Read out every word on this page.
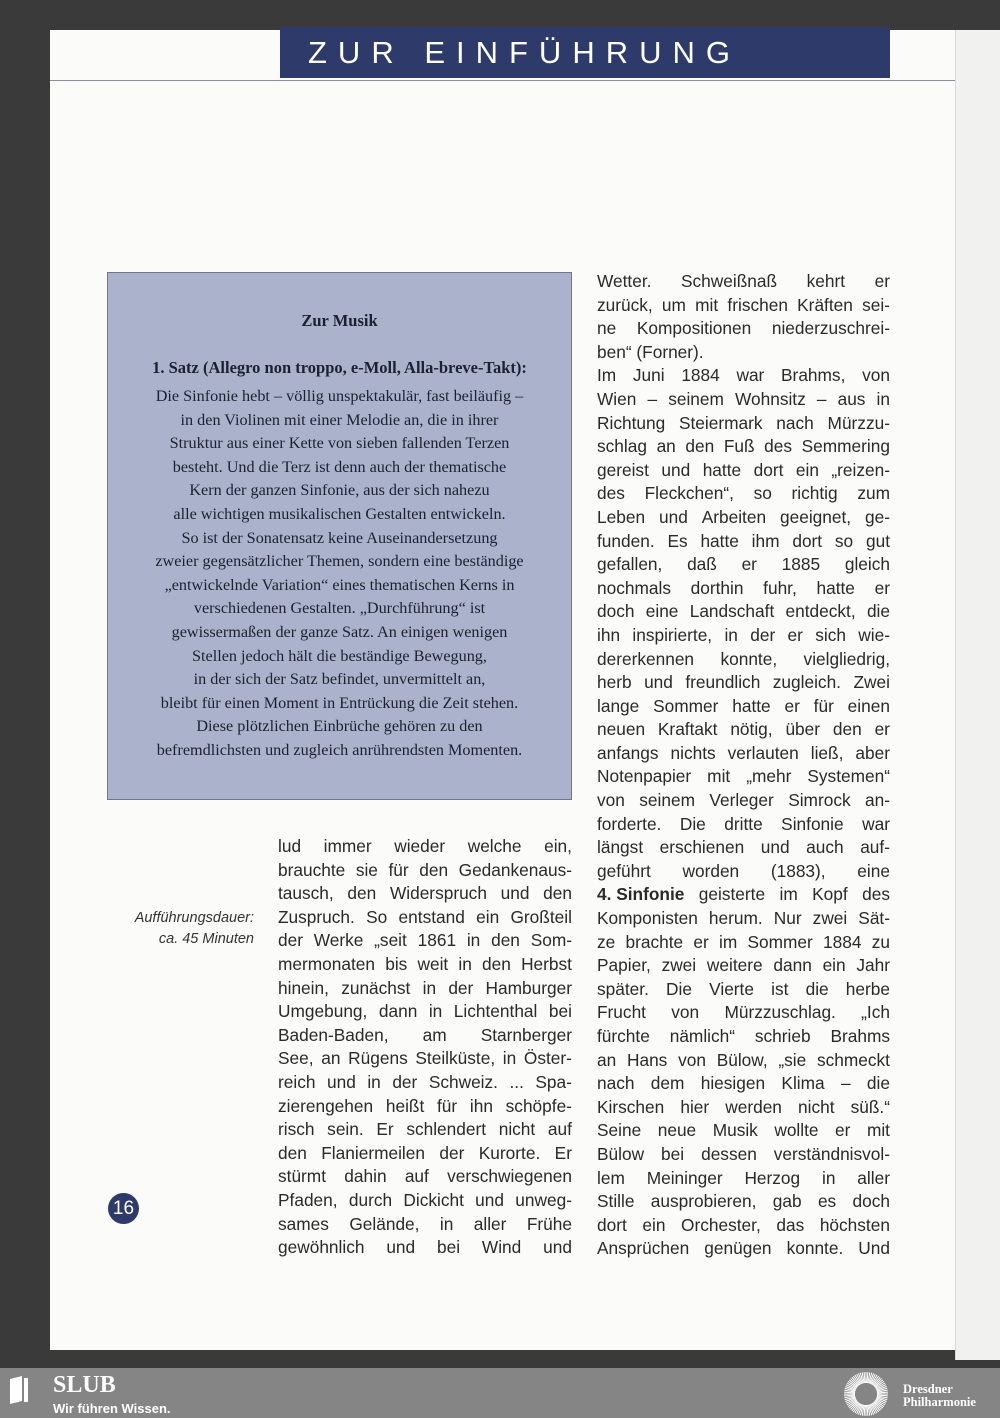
ZUR EINFÜHRUNG
Zur Musik
1. Satz (Allegro non troppo, e-Moll, Alla-breve-Takt):
Die Sinfonie hebt – völlig unspektakulär, fast beiläufig –
in den Violinen mit einer Melodie an, die in ihrer
Struktur aus einer Kette von sieben fallenden Terzen
besteht. Und die Terz ist denn auch der thematische
Kern der ganzen Sinfonie, aus der sich nahezu
alle wichtigen musikalischen Gestalten entwickeln.
So ist der Sonatensatz keine Auseinandersetzung
zweier gegensätzlicher Themen, sondern eine beständige
„entwickelnde Variation“ eines thematischen Kerns in
verschiedenen Gestalten. „Durchführung“ ist
gewissermaßen der ganze Satz. An einigen wenigen
Stellen jedoch hält die beständige Bewegung,
in der sich der Satz befindet, unvermittelt an,
bleibt für einen Moment in Entrückung die Zeit stehen.
Diese plötzlichen Einbrüche gehören zu den
befremdlichsten und zugleich anrührendsten Momenten.
Aufführungsdauer:
ca. 45 Minuten
16
lud immer wieder welche ein,
brauchte sie für den Gedankenaus-
tausch, den Widerspruch und den
Zuspruch. So entstand ein Großteil
der Werke „seit 1861 in den Som-
mermonaten bis weit in den Herbst
hinein, zunächst in der Hamburger
Umgebung, dann in Lichtenthal bei
Baden-Baden, am Starnberger
See, an Rügens Steilküste, in Öster-
reich und in der Schweiz. ... Spa-
zierengehen heißt für ihn schöpfe-
risch sein. Er schlendert nicht auf
den Flaniermeilen der Kurorte. Er
stürmt dahin auf verschwiegenen
Pfaden, durch Dickicht und unweg-
sames Gelände, in aller Frühe
gewöhnlich und bei Wind und
Wetter. Schweißnaß kehrt er
zurück, um mit frischen Kräften sei-
ne Kompositionen niederzuschrei-
ben“ (Forner).
Im Juni 1884 war Brahms, von
Wien – seinem Wohnsitz – aus in
Richtung Steiermark nach Mürzzu-
schlag an den Fuß des Semmering
gereist und hatte dort ein „reizen-
des Fleckchen“, so richtig zum
Leben und Arbeiten geeignet, ge-
funden. Es hatte ihm dort so gut
gefallen, daß er 1885 gleich
nochmals dorthin fuhr, hatte er
doch eine Landschaft entdeckt, die
ihn inspirierte, in der er sich wie-
dererkennen konnte, vielgliedrig,
herb und freundlich zugleich. Zwei
lange Sommer hatte er für einen
neuen Kraftakt nötig, über den er
anfangs nichts verlauten ließ, aber
Notenpapier mit „mehr Systemen“
von seinem Verleger Simrock an-
forderte. Die dritte Sinfonie war
längst erschienen und auch auf-
geführt worden (1883), eine
4. Sinfonie geisterte im Kopf des
Komponisten herum. Nur zwei Sät-
ze brachte er im Sommer 1884 zu
Papier, zwei weitere dann ein Jahr
später. Die Vierte ist die herbe
Frucht von Mürzzuschlag. „Ich
fürchte nämlich“ schrieb Brahms
an Hans von Bülow, „sie schmeckt
nach dem hiesigen Klima – die
Kirschen hier werden nicht süß.“
Seine neue Musik wollte er mit
Bülow bei dessen verständnisvol-
lem Meininger Herzog in aller
Stille ausprobieren, gab es doch
dort ein Orchester, das höchsten
Ansprüchen genügen konnte. Und
SLUB
Wir führen Wissen.
Dresdner Philharmonie
